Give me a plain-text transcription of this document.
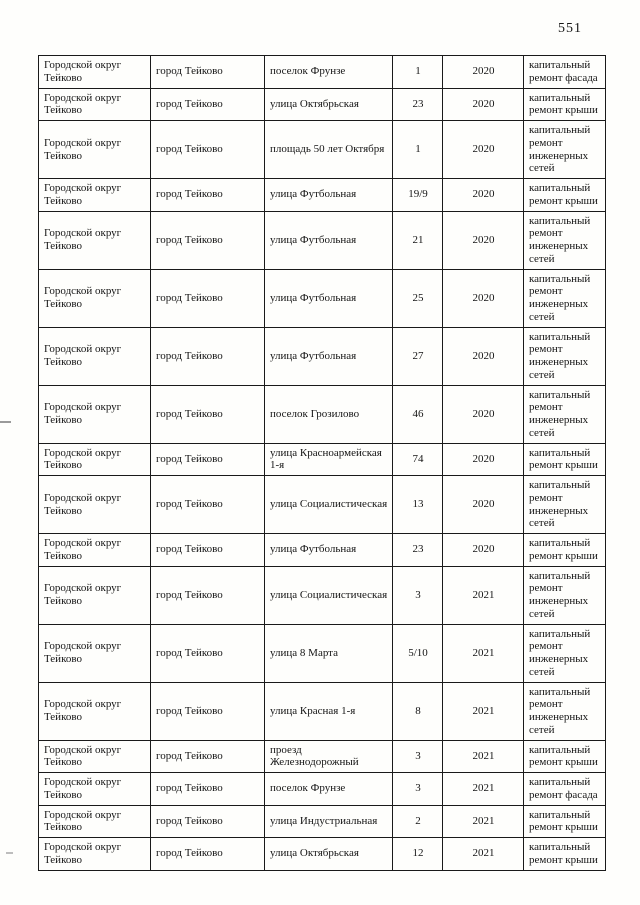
551
Городской округ Тейково	город Тейково	поселок Фрунзе	1	2020	капитальный ремонт фасада
Городской округ Тейково	город Тейково	улица Октябрьская	23	2020	капитальный ремонт крыши
Городской округ Тейково	город Тейково	площадь 50 лет Октября	1	2020	капитальный ремонт инженерных сетей
Городской округ Тейково	город Тейково	улица Футбольная	19/9	2020	капитальный ремонт крыши
Городской округ Тейково	город Тейково	улица Футбольная	21	2020	капитальный ремонт инженерных сетей
Городской округ Тейково	город Тейково	улица Футбольная	25	2020	капитальный ремонт инженерных сетей
Городской округ Тейково	город Тейково	улица Футбольная	27	2020	капитальный ремонт инженерных сетей
Городской округ Тейково	город Тейково	поселок Грозилово	46	2020	капитальный ремонт инженерных сетей
Городской округ Тейково	город Тейково	улица Красноармейская 1-я	74	2020	капитальный ремонт крыши
Городской округ Тейково	город Тейково	улица Социалистическая	13	2020	капитальный ремонт инженерных сетей
Городской округ Тейково	город Тейково	улица Футбольная	23	2020	капитальный ремонт крыши
Городской округ Тейково	город Тейково	улица Социалистическая	3	2021	капитальный ремонт инженерных сетей
Городской округ Тейково	город Тейково	улица 8 Марта	5/10	2021	капитальный ремонт инженерных сетей
Городской округ Тейково	город Тейково	улица Красная 1-я	8	2021	капитальный ремонт инженерных сетей
Городской округ Тейково	город Тейково	проезд Железнодорожный	3	2021	капитальный ремонт крыши
Городской округ Тейково	город Тейково	поселок Фрунзе	3	2021	капитальный ремонт фасада
Городской округ Тейково	город Тейково	улица Индустриальная	2	2021	капитальный ремонт крыши
Городской округ Тейково	город Тейково	улица Октябрьская	12	2021	капитальный ремонт крыши
